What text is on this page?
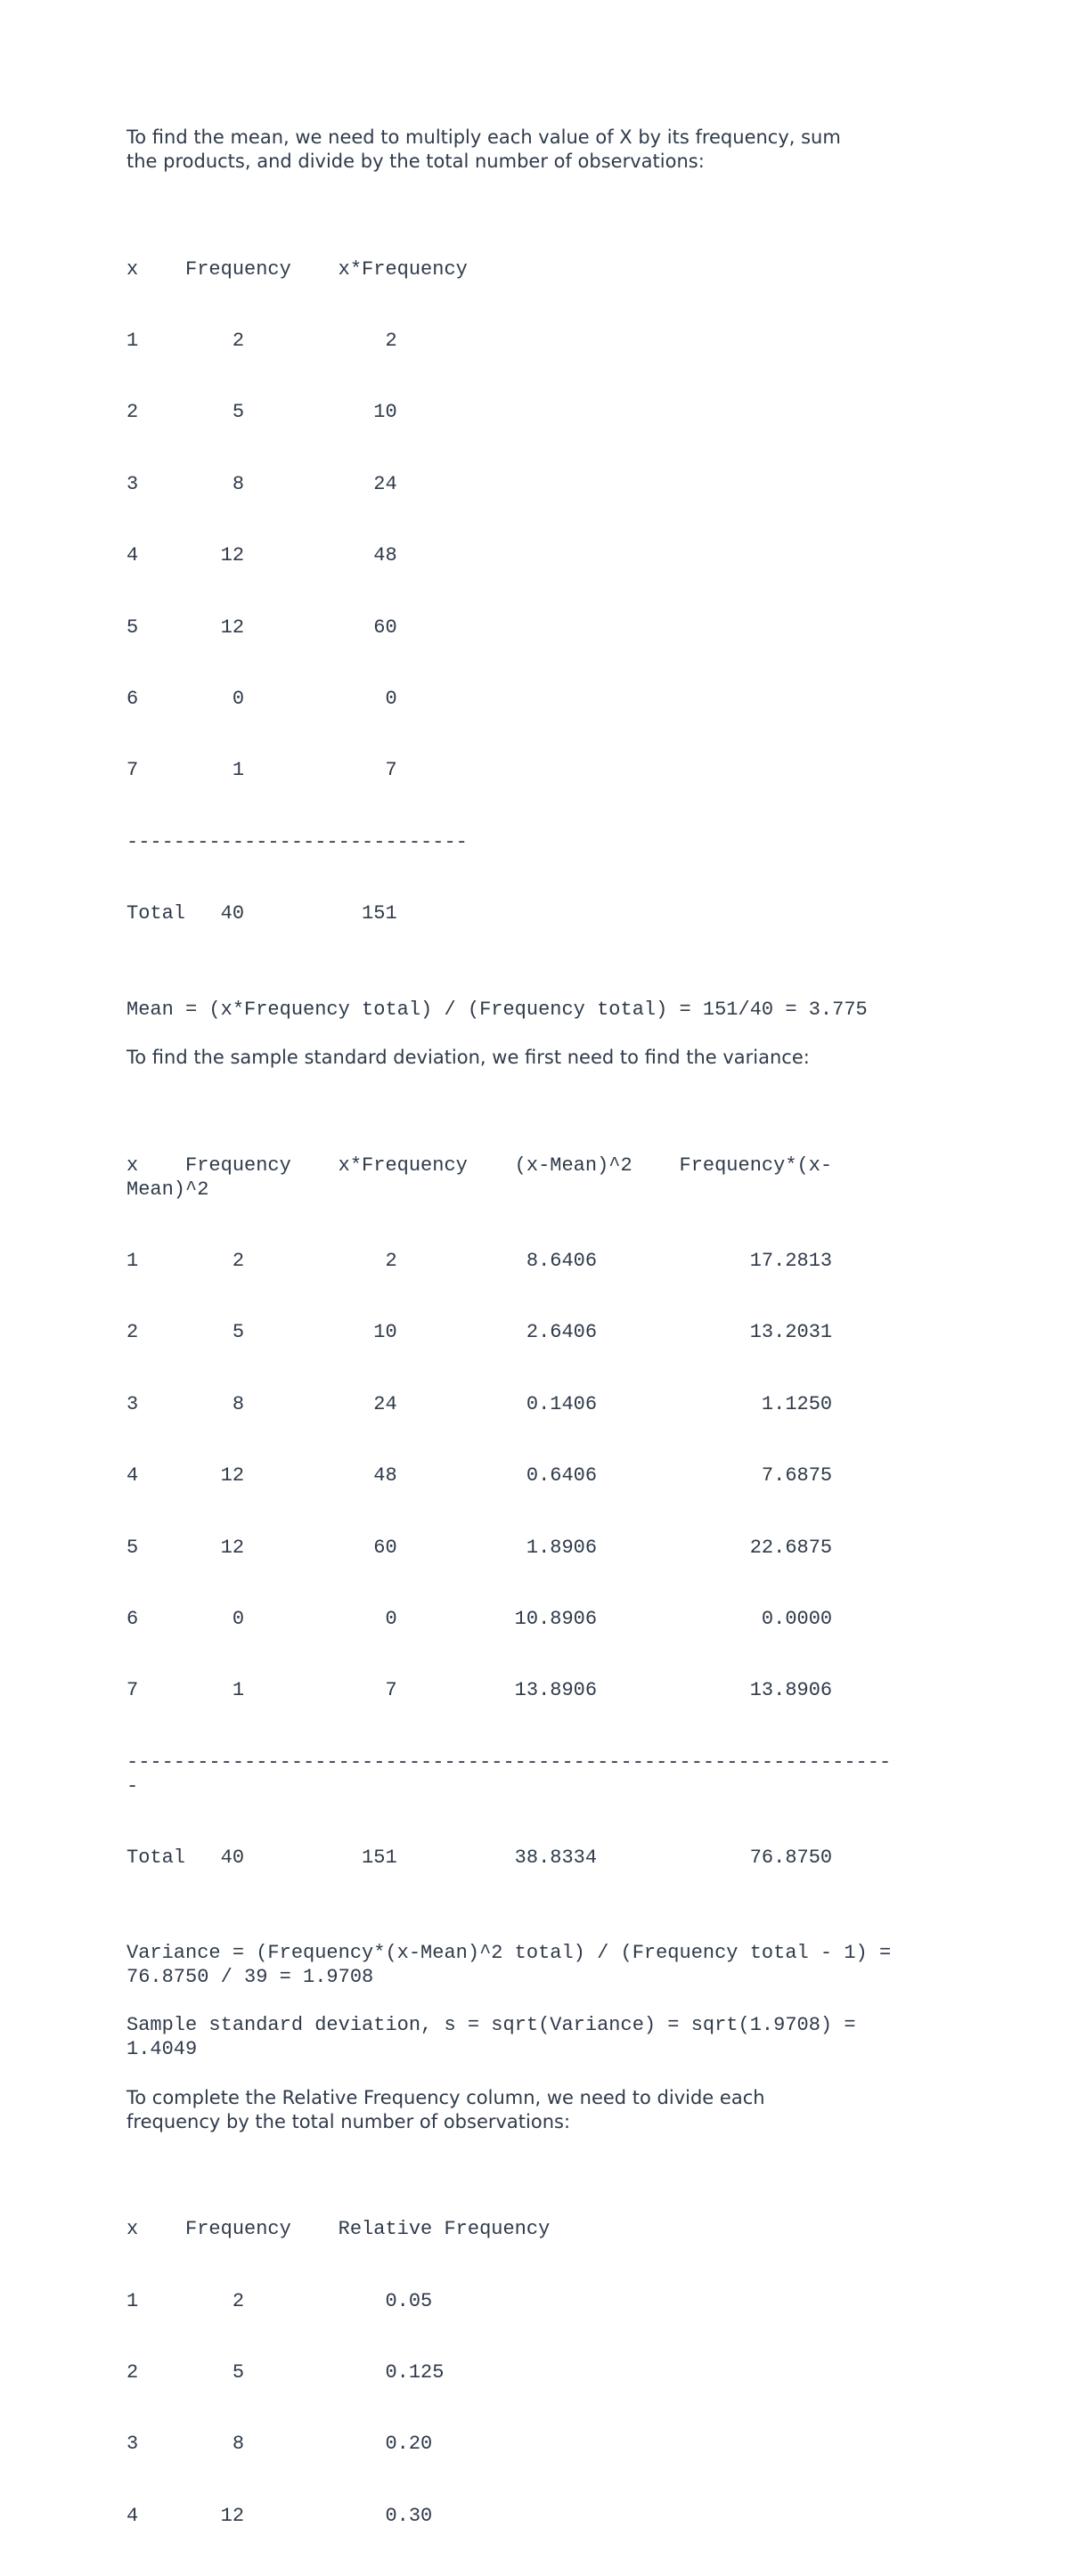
To find the mean, we need to multiply each value of X by its frequency, sum
the products, and divide by the total number of observations:

x    Frequency    x*Frequency

1        2            2

2        5           10

3        8           24

4       12           48

5       12           60

6        0            0

7        1            7

-----------------------------

Total   40          151

Mean = (x*Frequency total) / (Frequency total) = 151/40 = 3.775

To find the sample standard deviation, we first need to find the variance:

x    Frequency    x*Frequency    (x-Mean)^2    Frequency*(x-
Mean)^2

1        2            2           8.6406             17.2813

2        5           10           2.6406             13.2031

3        8           24           0.1406              1.1250

4       12           48           0.6406              7.6875

5       12           60           1.8906             22.6875

6        0            0          10.8906              0.0000

7        1            7          13.8906             13.8906

-----------------------------------------------------------------
-

Total   40          151          38.8334             76.8750

Variance = (Frequency*(x-Mean)^2 total) / (Frequency total - 1) =
76.8750 / 39 = 1.9708

Sample standard deviation, s = sqrt(Variance) = sqrt(1.9708) =
1.4049

To complete the Relative Frequency column, we need to divide each
frequency by the total number of observations:

x    Frequency    Relative Frequency

1        2            0.05

2        5            0.125

3        8            0.20

4       12            0.30
